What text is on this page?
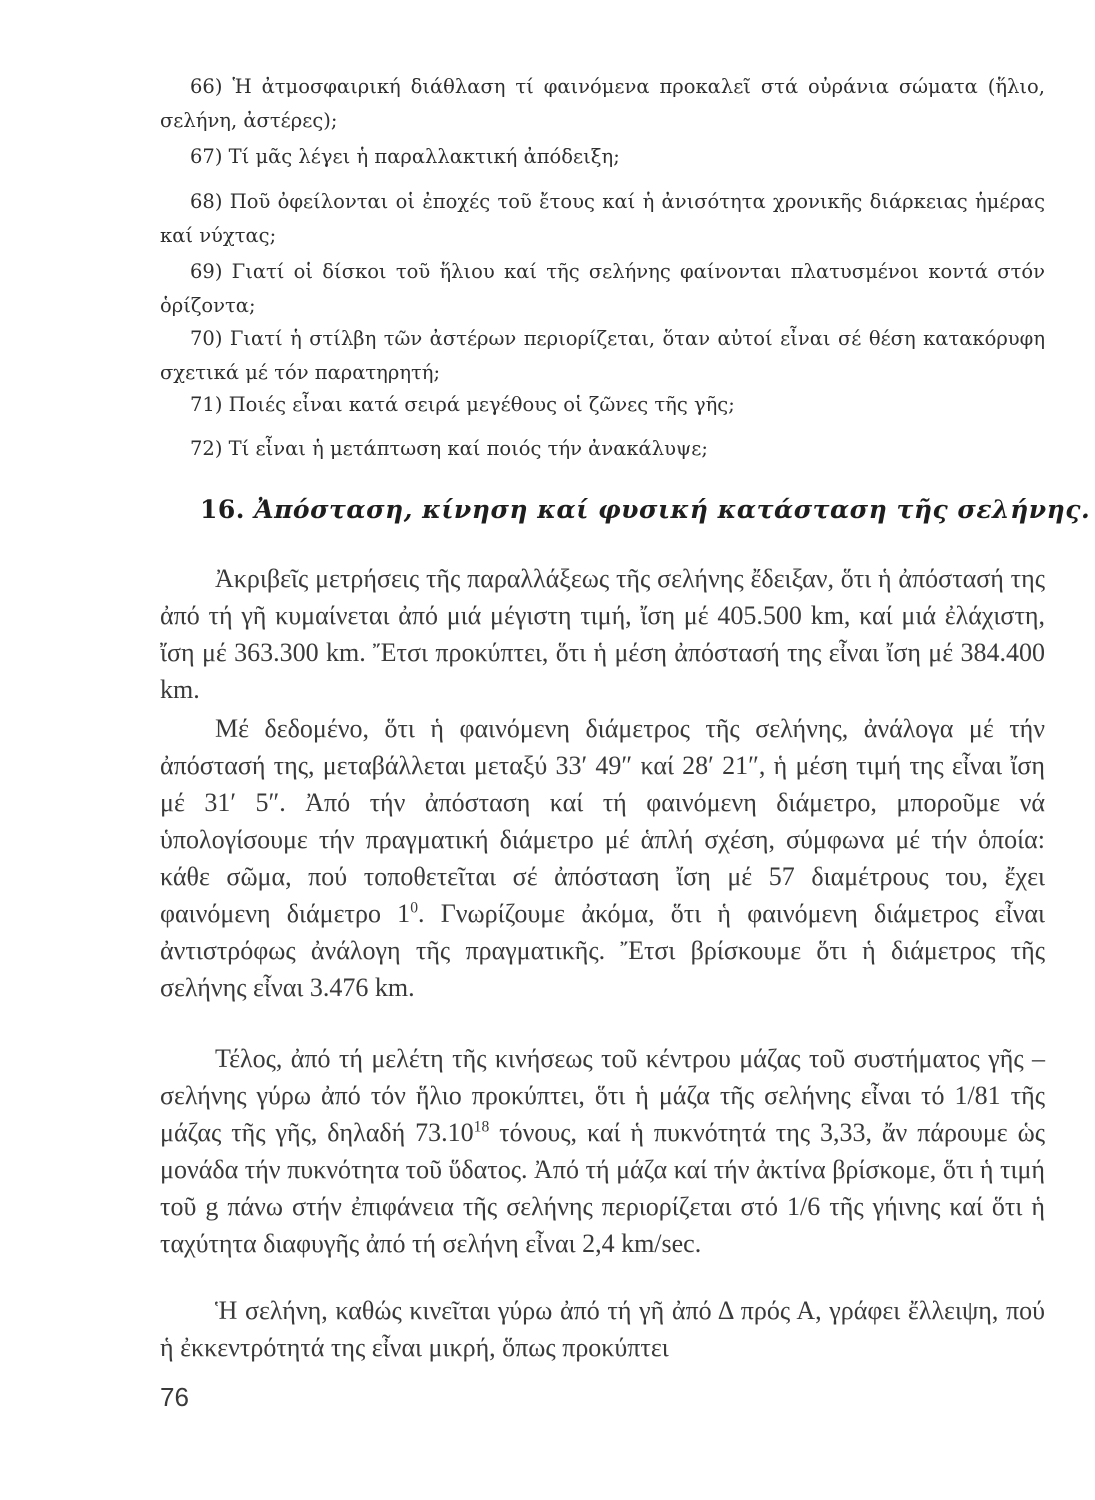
66) Ἡ ἀτμοσφαιρική διάθλαση τί φαινόμενα προκαλεῖ στά οὐράνια σώματα (ἥλιο, σελήνη, ἀστέρες);

67) Τί μᾶς λέγει ἡ παραλλακτική ἀπόδειξη;

68) Ποῦ ὀφείλονται οἱ ἐποχές τοῦ ἔτους καί ἡ ἀνισότητα χρονικῆς διάρκειας ἡμέρας καί νύχτας;

69) Γιατί οἱ δίσκοι τοῦ ἥλιου καί τῆς σελήνης φαίνονται πλατυσμένοι κοντά στόν ὁρίζοντα;

70) Γιατί ἡ στίλβη τῶν ἀστέρων περιορίζεται, ὅταν αὐτοί εἶναι σέ θέση κατακόρυφη σχετικά μέ τόν παρατηρητή;

71) Ποιές εἶναι κατά σειρά μεγέθους οἱ ζῶνες τῆς γῆς;

72) Τί εἶναι ἡ μετάπτωση καί ποιός τήν ἀνακάλυψε;

16. Ἀπόσταση, κίνηση καί φυσική κατάσταση τῆς σελήνης.

Ἀκριβεῖς μετρήσεις τῆς παραλλάξεως τῆς σελήνης ἔδειξαν, ὅτι ἡ ἀπόστασή της ἀπό τή γῆ κυμαίνεται ἀπό μιά μέγιστη τιμή, ἴση μέ 405.500 km, καί μιά ἐλάχιστη, ἴση μέ 363.300 km. Ἔτσι προκύπτει, ὅτι ἡ μέση ἀπόστασή της εἶναι ἴση μέ 384.400 km.

Μέ δεδομένο, ὅτι ἡ φαινόμενη διάμετρος τῆς σελήνης, ἀνάλογα μέ τήν ἀπόστασή της, μεταβάλλεται μεταξύ 33′ 49″ καί 28′ 21″, ἡ μέση τιμή της εἶναι ἴση μέ 31′ 5″. Ἀπό τήν ἀπόσταση καί τή φαινόμενη διάμετρο, μποροῦμε νά ὑπολογίσουμε τήν πραγματική διάμετρο μέ ἁπλή σχέση, σύμφωνα μέ τήν ὁποία: κάθε σῶμα, πού τοποθετεῖται σέ ἀπόσταση ἴση μέ 57 διαμέτρους του, ἔχει φαινόμενη διάμετρο $1^0$. Γνωρίζουμε ἀκόμα, ὅτι ἡ φαινόμενη διάμετρος εἶναι ἀντιστρόφως ἀνάλογη τῆς πραγματικῆς. Ἔτσι βρίσκουμε ὅτι ἡ διάμετρος τῆς σελήνης εἶναι 3.476 km.

Τέλος, ἀπό τή μελέτη τῆς κινήσεως τοῦ κέντρου μάζας τοῦ συστήματος γῆς – σελήνης γύρω ἀπό τόν ἥλιο προκύπτει, ὅτι ἡ μάζα τῆς σελήνης εἶναι τό 1/81 τῆς μάζας τῆς γῆς, δηλαδή 73.10$^{18}$ τόνους, καί ἡ πυκνότητά της 3,33, ἄν πάρουμε ὡς μονάδα τήν πυκνότητα τοῦ ὕδατος. Ἀπό τή μάζα καί τήν ἀκτίνα βρίσκομε, ὅτι ἡ τιμή τοῦ g πάνω στήν ἐπιφάνεια τῆς σελήνης περιορίζεται στό 1/6 τῆς γήινης καί ὅτι ἡ ταχύτητα διαφυγῆς ἀπό τή σελήνη εἶναι 2,4 km/sec.

Ἡ σελήνη, καθώς κινεῖται γύρω ἀπό τή γῆ ἀπό Δ πρός Α, γράφει ἔλλειψη, πού ἡ ἐκκεντρότητά της εἶναι μικρή, ὅπως προκύπτει

76
